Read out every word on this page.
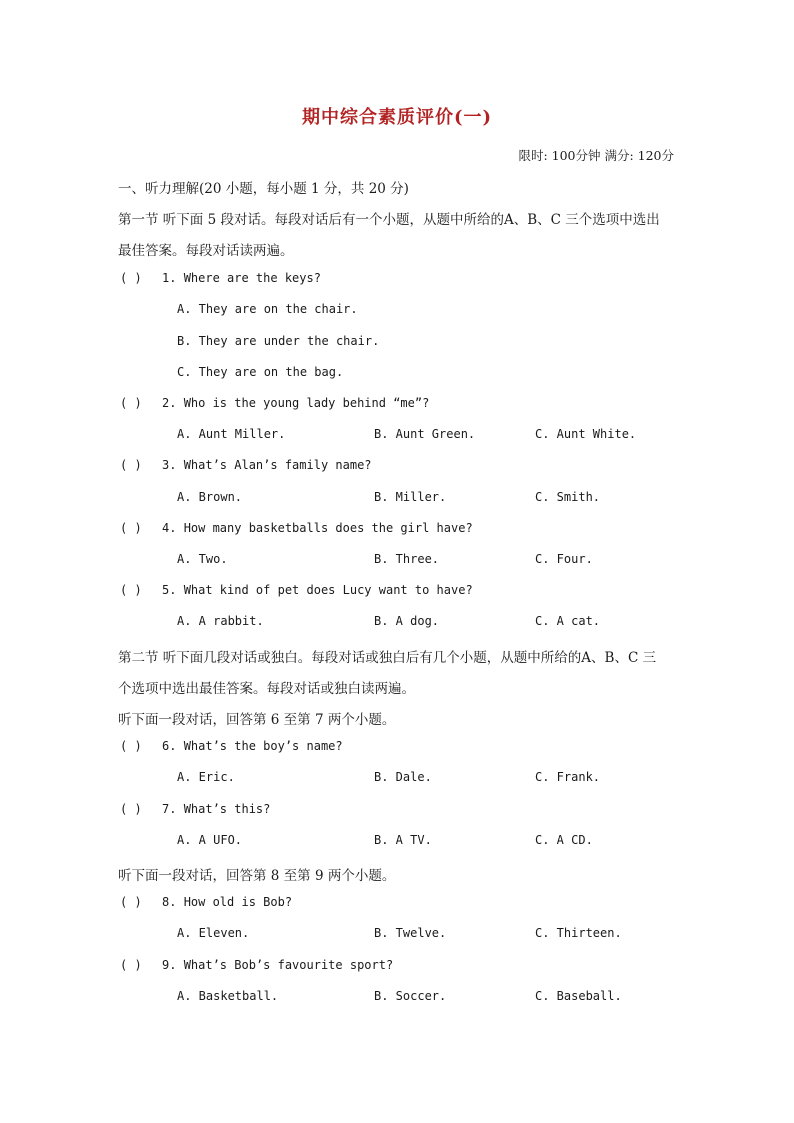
期中综合素质评价(一)
限时: 100分钟 满分: 120分
一、听力理解(20 小题，每小题 1 分，共 20 分)
第一节 听下面 5 段对话。每段对话后有一个小题，从题中所给的A、B、C 三个选项中选出
最佳答案。每段对话读两遍。
( ) 1. Where are the keys?
A. They are on the chair.
B. They are under the chair.
C. They are on the bag.
( ) 2. Who is the young lady behind “me”?
A. Aunt Miller.	B. Aunt Green.	C. Aunt White.
( ) 3. What’s Alan’s family name?
A. Brown.	B. Miller.	C. Smith.
( ) 4. How many basketballs does the girl have?
A. Two.	B. Three.	C. Four.
( ) 5. What kind of pet does Lucy want to have?
A. A rabbit.	B. A dog.	C. A cat.
第二节 听下面几段对话或独白。每段对话或独白后有几个小题，从题中所给的A、B、C 三
个选项中选出最佳答案。每段对话或独白读两遍。
听下面一段对话，回答第 6 至第 7 两个小题。
( ) 6. What’s the boy’s name?
A. Eric.	B. Dale.	C. Frank.
( ) 7. What’s this?
A. A UFO.	B. A TV.	C. A CD.
听下面一段对话，回答第 8 至第 9 两个小题。
( ) 8. How old is Bob?
A. Eleven.	B. Twelve.	C. Thirteen.
( ) 9. What’s Bob’s favourite sport?
A. Basketball.	B. Soccer.	C. Baseball.
